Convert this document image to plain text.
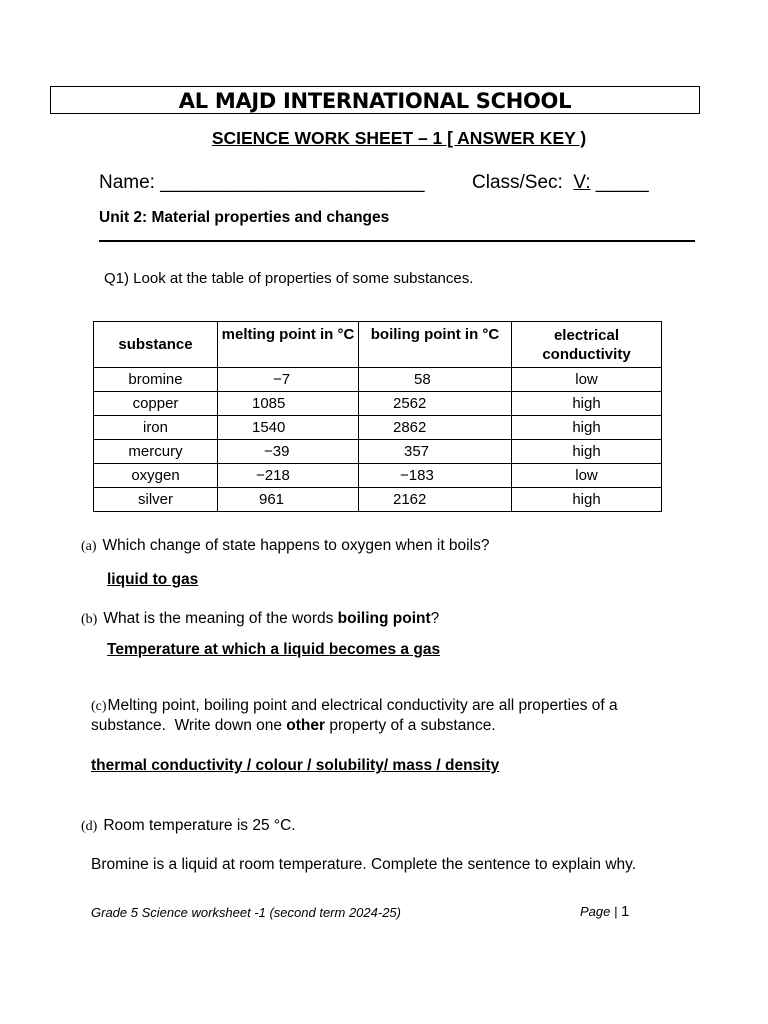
AL MAJD INTERNATIONAL SCHOOL
SCIENCE WORK SHEET – 1 [ ANSWER KEY )
Name: _________________________	Class/Sec:  V: _____
Unit 2: Material properties and changes
Q1) Look at the table of properties of some substances.
substance	melting point in °C	boiling point in °C	electrical conductivity
bromine	−7	58	low
copper	1085	2562	high
iron	1540	2862	high
mercury	−39	357	high
oxygen	−218	−183	low
silver	961	2162	high
(a) Which change of state happens to oxygen when it boils?
liquid to gas
(b) What is the meaning of the words boiling point?
Temperature at which a liquid becomes a gas
(c)Melting point, boiling point and electrical conductivity are all properties of a
substance.  Write down one other property of a substance.
thermal conductivity / colour / solubility/ mass / density
(d) Room temperature is 25 °C.
Bromine is a liquid at room temperature. Complete the sentence to explain why.
Grade 5 Science worksheet -1 (second term 2024-25)	Page | 1
